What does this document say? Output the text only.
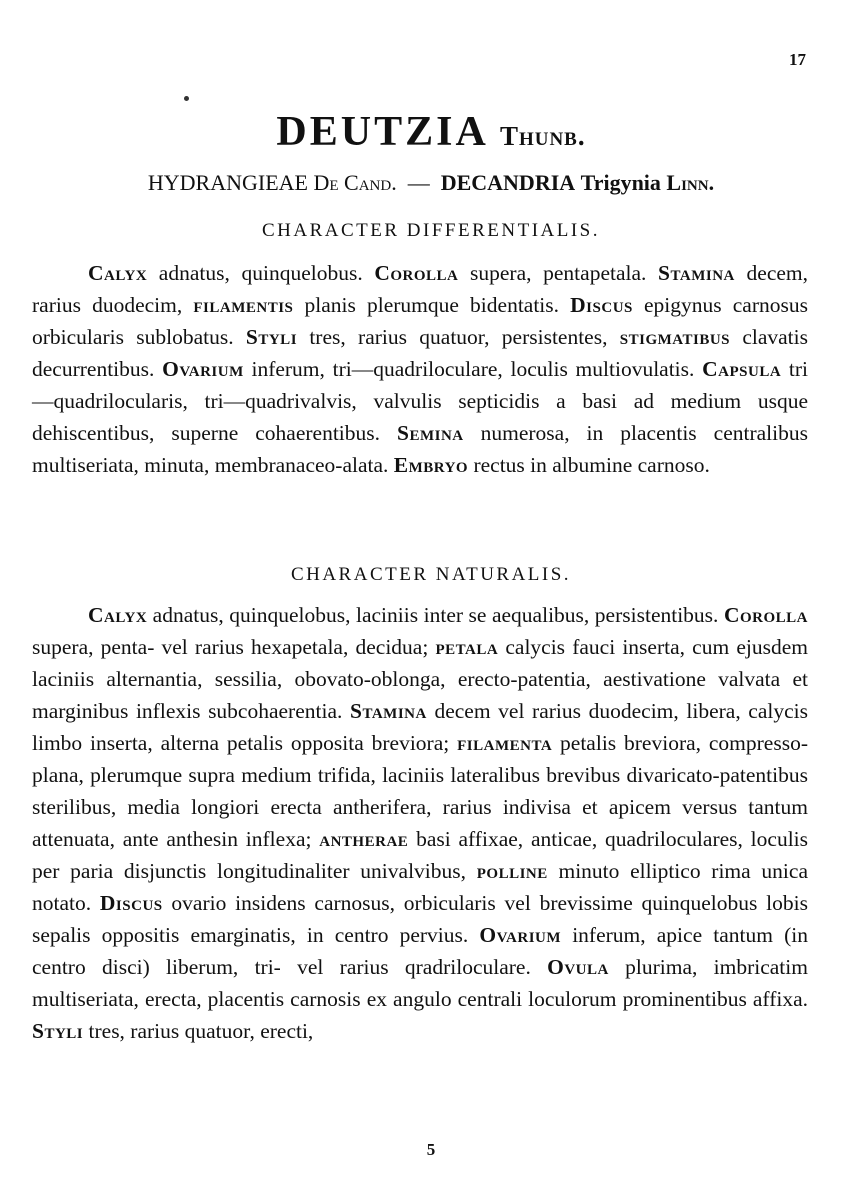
17
DEUTZIA Thunb.
HYDRANGIEAE De Cand. — DECANDRIA Trigynia Linn.
CHARACTER DIFFERENTIALIS.

Calyx adnatus, quinquelobus. Corolla supera, pentapetala. Stamina decem, rarius duodecim, filamentis planis plerumque bidentatis. Discus epigynus carnosus orbicularis sublobatus. Styli tres, rarius quatuor, persistentes, stigmatibus clavatis decurrentibus. Ovarium inferum, tri—quadriloculare, loculis multiovulatis. Capsula tri—quadrilocularis, tri—quadrivalvis, valvulis septicidis a basi ad medium usque dehiscentibus, superne cohaerentibus. Semina numerosa, in placentis centralibus multiseriata, minuta, membranaceo-alata. Embryo rectus in albumine carnoso.

CHARACTER NATURALIS.

Calyx adnatus, quinquelobus, laciniis inter se aequalibus, persistentibus. Corolla supera, penta- vel rarius hexapetala, decidua; petala calycis fauci inserta, cum ejusdem laciniis alternantia, sessilia, obovato-oblonga, erecto-patentia, aestivatione valvata et marginibus inflexis subcohaerentia. Stamina decem vel rarius duodecim, libera, calycis limbo inserta, alterna petalis opposita breviora; filamenta petalis breviora, compresso-plana, plerumque supra medium trifida, laciniis lateralibus brevibus divaricato-patentibus sterilibus, media longiori erecta antherifera, rarius indivisa et apicem versus tantum attenuata, ante anthesin inflexa; antherae basi affixae, anticae, quadriloculares, loculis per paria disjunctis longitudinaliter univalvibus, polline minuto elliptico rima unica notato. Discus ovario insidens carnosus, orbicularis vel brevissime quinquelobus lobis sepalis oppositis emarginatis, in centro pervius. Ovarium inferum, apice tantum (in centro disci) liberum, tri- vel rarius qradriloculare. Ovula plurima, imbricatim multiseriata, erecta, placentis carnosis ex angulo centrali loculorum prominentibus affixa. Styli tres, rarius quatuor, erecti,

5
